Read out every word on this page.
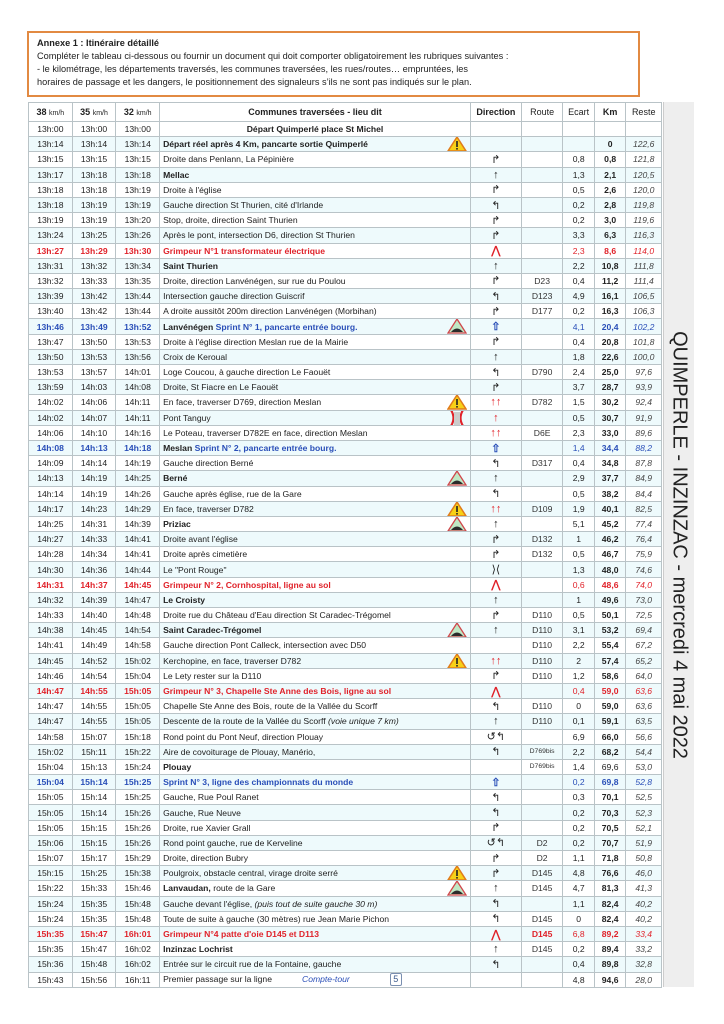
Annexe 1 : Itinéraire détaillé
Compléter le tableau ci-dessous ou fournir un document qui doit comporter obligatoirement les rubriques suivantes :
- le kilométrage, les départements traversés, les communes traversées, les rues/routes… empruntées, les
horaires de passage et les dangers, le positionnement des signaleurs s’ils ne sont pas indiqués sur le plan.
38 km/h	35 km/h	32 km/h	Communes traversées - lieu dit	Direction	Route	Ecart	Km	Reste
13h:00	13h:00	13h:00	Départ Quimperlé place St Michel					
13h:14	13h:14	13h:14	Départ réel après 4 Km, pancarte sortie Quimperlé				0	122,6
13h:15	13h:15	13h:15	Droite dans Penlann, La Pépinière	↱		0,8	0,8	121,8
13h:17	13h:18	13h:18	Mellac	↑		1,3	2,1	120,5
13h:18	13h:18	13h:19	Droite à l'église	↱		0,5	2,6	120,0
13h:18	13h:19	13h:19	Gauche direction St Thurien, cité d'Irlande	↰		0,2	2,8	119,8
13h:19	13h:19	13h:20	Stop, droite, direction Saint Thurien	↱		0,2	3,0	119,6
13h:24	13h:25	13h:26	Après le pont, intersection D6, direction St Thurien	↱		3,3	6,3	116,3
13h:27	13h:29	13h:30	Grimpeur N°1 transformateur électrique	⋀		2,3	8,6	114,0
13h:31	13h:32	13h:34	Saint Thurien	↑		2,2	10,8	111,8
13h:32	13h:33	13h:35	Droite, direction Lanvénégen, sur rue du Poulou	↱	D23	0,4	11,2	111,4
13h:39	13h:42	13h:44	Intersection gauche direction Guiscrif	↰	D123	4,9	16,1	106,5
13h:40	13h:42	13h:44	A droite aussitôt 200m direction Lanvénégen (Morbihan)	↱	D177	0,2	16,3	106,3
13h:46	13h:49	13h:52	Lanvénégen Sprint N° 1, pancarte entrée bourg.	⇧		4,1	20,4	102,2
13h:47	13h:50	13h:53	Droite à l'église direction Meslan rue de la Mairie	↱		0,4	20,8	101,8
13h:50	13h:53	13h:56	Croix de Keroual	↑		1,8	22,6	100,0
13h:53	13h:57	14h:01	Loge Coucou, à gauche direction Le Faouët	↰	D790	2,4	25,0	97,6
13h:59	14h:03	14h:08	Droite, St Fiacre en Le Faouët	↱		3,7	28,7	93,9
14h:02	14h:06	14h:11	En face, traverser D769, direction Meslan	↑↑	D782	1,5	30,2	92,4
14h:02	14h:07	14h:11	Pont Tanguy	↑		0,5	30,7	91,9
14h:06	14h:10	14h:16	Le Poteau, traverser D782E en face, direction Meslan	↑↑	D6E	2,3	33,0	89,6
14h:08	14h:13	14h:18	Meslan Sprint N° 2, pancarte entrée bourg.	⇧		1,4	34,4	88,2
14h:09	14h:14	14h:19	Gauche direction Berné	↰	D317	0,4	34,8	87,8
14h:13	14h:19	14h:25	Berné	↑		2,9	37,7	84,9
14h:14	14h:19	14h:26	Gauche après église, rue de la Gare	↰		0,5	38,2	84,4
14h:17	14h:23	14h:29	En face, traverser D782	↑↑	D109	1,9	40,1	82,5
14h:25	14h:31	14h:39	Priziac	↑		5,1	45,2	77,4
14h:27	14h:33	14h:41	Droite avant l'église	↱	D132	1	46,2	76,4
14h:28	14h:34	14h:41	Droite après cimetière	↱	D132	0,5	46,7	75,9
14h:30	14h:36	14h:44	Le "Pont Rouge"	⟩⟨		1,3	48,0	74,6
14h:31	14h:37	14h:45	Grimpeur N° 2, Cornhospital, ligne au sol	⋀		0,6	48,6	74,0
14h:32	14h:39	14h:47	Le Croisty	↑		1	49,6	73,0
14h:33	14h:40	14h:48	Droite rue du Château d'Eau direction St Caradec-Trégomel	↱	D110	0,5	50,1	72,5
14h:38	14h:45	14h:54	Saint Caradec-Trégomel	↑	D110	3,1	53,2	69,4
14h:41	14h:49	14h:58	Gauche direction Pont Calleck, intersection avec D50		D110	2,2	55,4	67,2
14h:45	14h:52	15h:02	Kerchopine, en face, traverser D782	↑↑	D110	2	57,4	65,2
14h:46	14h:54	15h:04	Le Lety rester sur la D110	↱	D110	1,2	58,6	64,0
14h:47	14h:55	15h:05	Grimpeur N° 3, Chapelle Ste Anne des Bois, ligne au sol	⋀		0,4	59,0	63,6
14h:47	14h:55	15h:05	Chapelle Ste Anne des Bois, route de la Vallée du Scorff	↰	D110	0	59,0	63,6
14h:47	14h:55	15h:05	Descente de la route de la Vallée du Scorff (voie unique 7 km)	↑	D110	0,1	59,1	63,5
14h:58	15h:07	15h:18	Rond point du Pont Neuf, direction Plouay	↺↰		6,9	66,0	56,6
15h:02	15h:11	15h:22	Aire de covoiturage de Plouay, Manério,	↰	D769bis	2,2	68,2	54,4
15h:04	15h:13	15h:24	Plouay		D769bis	1,4	69,6	53,0
15h:04	15h:14	15h:25	Sprint N° 3, ligne des championnats du monde	⇧		0,2	69,8	52,8
15h:05	15h:14	15h:25	Gauche, Rue Poul Ranet	↰		0,3	70,1	52,5
15h:05	15h:14	15h:26	Gauche, Rue Neuve	↰		0,2	70,3	52,3
15h:05	15h:15	15h:26	Droite, rue Xavier Grall	↱		0,2	70,5	52,1
15h:06	15h:15	15h:26	Rond point gauche, rue de Kerveline	↺↰	D2	0,2	70,7	51,9
15h:07	15h:17	15h:29	Droite, direction Bubry	↱	D2	1,1	71,8	50,8
15h:15	15h:25	15h:38	Poulgroix, obstacle central, virage droite serré	↱	D145	4,8	76,6	46,0
15h:22	15h:33	15h:46	Lanvaudan, route de la Gare	↑	D145	4,7	81,3	41,3
15h:24	15h:35	15h:48	Gauche devant l'église, (puis tout de suite gauche 30 m)	↰		1,1	82,4	40,2
15h:24	15h:35	15h:48	Toute de suite à gauche (30 mètres) rue Jean Marie Pichon	↰	D145	0	82,4	40,2
15h:35	15h:47	16h:01	Grimpeur N°4 patte d'oie D145 et D113	⋀	D145	6,8	89,2	33,4
15h:35	15h:47	16h:02	Inzinzac Lochrist	↑	D145	0,2	89,4	33,2
15h:36	15h:48	16h:02	Entrée sur le circuit rue de la Fontaine, gauche	↰		0,4	89,8	32,8
15h:43	15h:56	16h:11	Premier passage sur la ligne Compte-tour 5			4,8	94,6	28,0
QUIMPERLE - INZINZAC - mercredi 4 mai 2022
